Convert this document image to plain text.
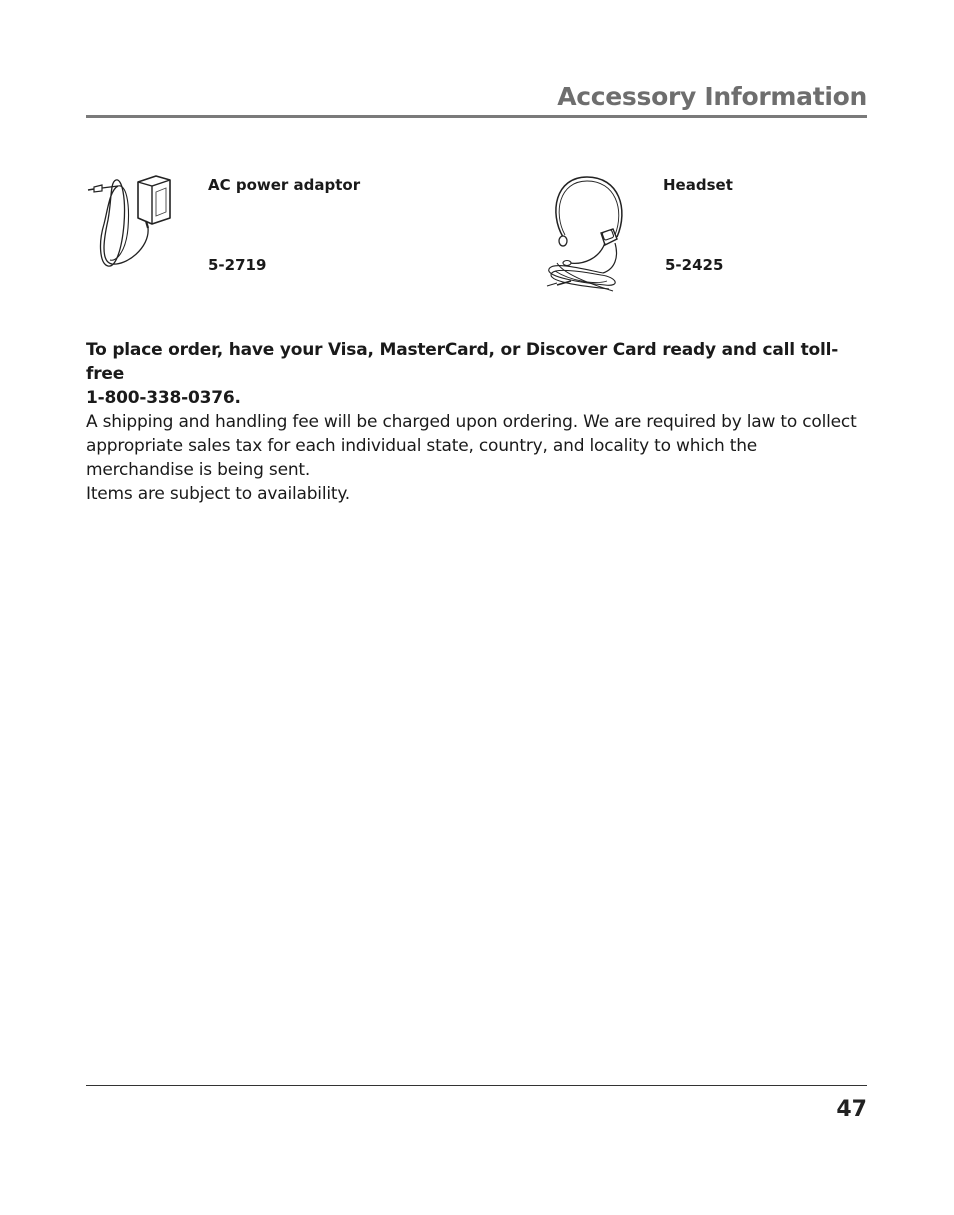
Accessory Information
AC power adaptor
5-2719
Headset
5-2425

To place order, have your Visa, MasterCard, or Discover Card ready and call toll-free

1-800-338-0376.

A shipping and handling fee will be charged upon ordering. We are required by law to collect appropriate sales tax for each individual state, country, and locality to which the merchandise is being sent.

Items are subject to availability.

47
